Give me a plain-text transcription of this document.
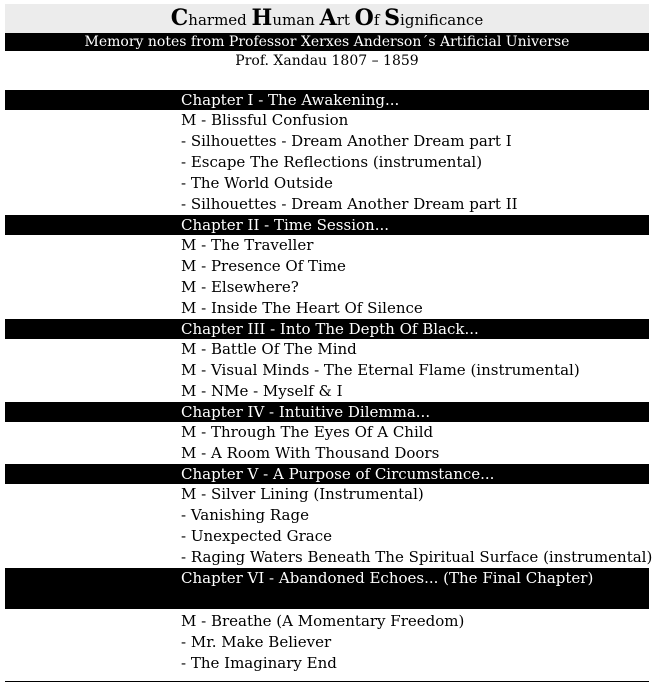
Charmed Human Art Of Significance
Memory notes from Professor Xerxes Anderson´s Artificial Universe
Prof. Xandau 1807 – 1859
Chapter I - The Awakening...
M - Blissful Confusion
- Silhouettes - Dream Another Dream part I
- Escape The Reflections (instrumental)
- The World Outside
- Silhouettes - Dream Another Dream part II
Chapter II - Time Session...
M - The Traveller
M - Presence Of Time
M - Elsewhere?
M - Inside The Heart Of Silence
Chapter III - Into The Depth Of Black...
M - Battle Of The Mind
M - Visual Minds - The Eternal Flame (instrumental)
M - NMe - Myself & I
Chapter IV - Intuitive Dilemma...
M - Through The Eyes Of A Child
M - A Room With Thousand Doors
Chapter V - A Purpose of Circumstance...
M - Silver Lining (Instrumental)
- Vanishing Rage
- Unexpected Grace
- Raging Waters Beneath The Spiritual Surface (instrumental)
Chapter VI - Abandoned Echoes... (The Final Chapter)
M - Breathe (A Momentary Freedom)
- Mr. Make Believer
- The Imaginary End
